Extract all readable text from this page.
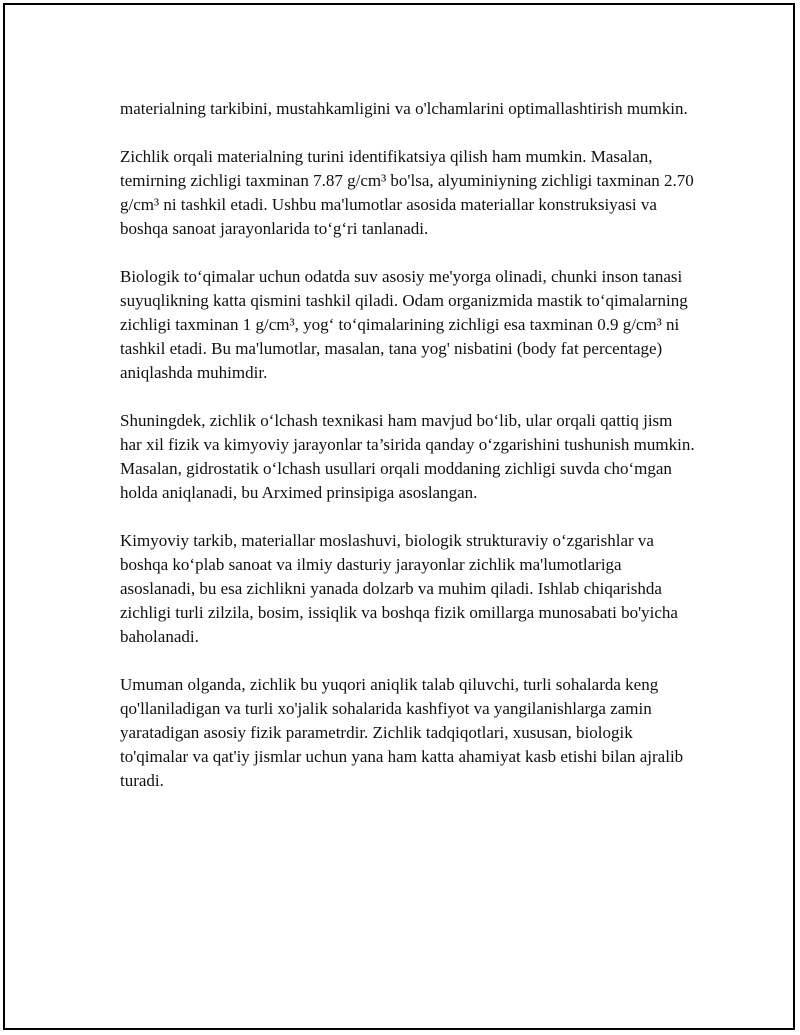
materialning tarkibini, mustahkamligini va o'lchamlarini optimallashtirish mumkin.

Zichlik orqali materialning turini identifikatsiya qilish ham mumkin. Masalan, temirning zichligi taxminan 7.87 g/cm³ bo'lsa, alyuminiyning zichligi taxminan 2.70 g/cm³ ni tashkil etadi. Ushbu ma'lumotlar asosida materiallar konstruksiyasi va boshqa sanoat jarayonlarida to‘g‘ri tanlanadi.

Biologik to‘qimalar uchun odatda suv asosiy me'yorga olinadi, chunki inson tanasi suyuqlikning katta qismini tashkil qiladi. Odam organizmida mastik to‘qimalarning zichligi taxminan 1 g/cm³, yog‘ to‘qimalarining zichligi esa taxminan 0.9 g/cm³ ni tashkil etadi. Bu ma'lumotlar, masalan, tana yog' nisbatini (body fat percentage) aniqlashda muhimdir.

Shuningdek, zichlik o‘lchash texnikasi ham mavjud bo‘lib, ular orqali qattiq jism har xil fizik va kimyoviy jarayonlar ta’sirida qanday o‘zgarishini tushunish mumkin. Masalan, gidrostatik o‘lchash usullari orqali moddaning zichligi suvda cho‘mgan holda aniqlanadi, bu Arximed prinsipiga asoslangan.

Kimyoviy tarkib, materiallar moslashuvi, biologik strukturaviy o‘zgarishlar va boshqa ko‘plab sanoat va ilmiy dasturiy jarayonlar zichlik ma'lumotlariga asoslanadi, bu esa zichlikni yanada dolzarb va muhim qiladi. Ishlab chiqarishda zichligi turli zilzila, bosim, issiqlik va boshqa fizik omillarga munosabati bo'yicha baholanadi.

Umuman olganda, zichlik bu yuqori aniqlik talab qiluvchi, turli sohalarda keng qo'llaniladigan va turli xo'jalik sohalarida kashfiyot va yangilanishlarga zamin yaratadigan asosiy fizik parametrdir. Zichlik tadqiqotlari, xususan, biologik to'qimalar va qat'iy jismlar uchun yana ham katta ahamiyat kasb etishi bilan ajralib turadi.
